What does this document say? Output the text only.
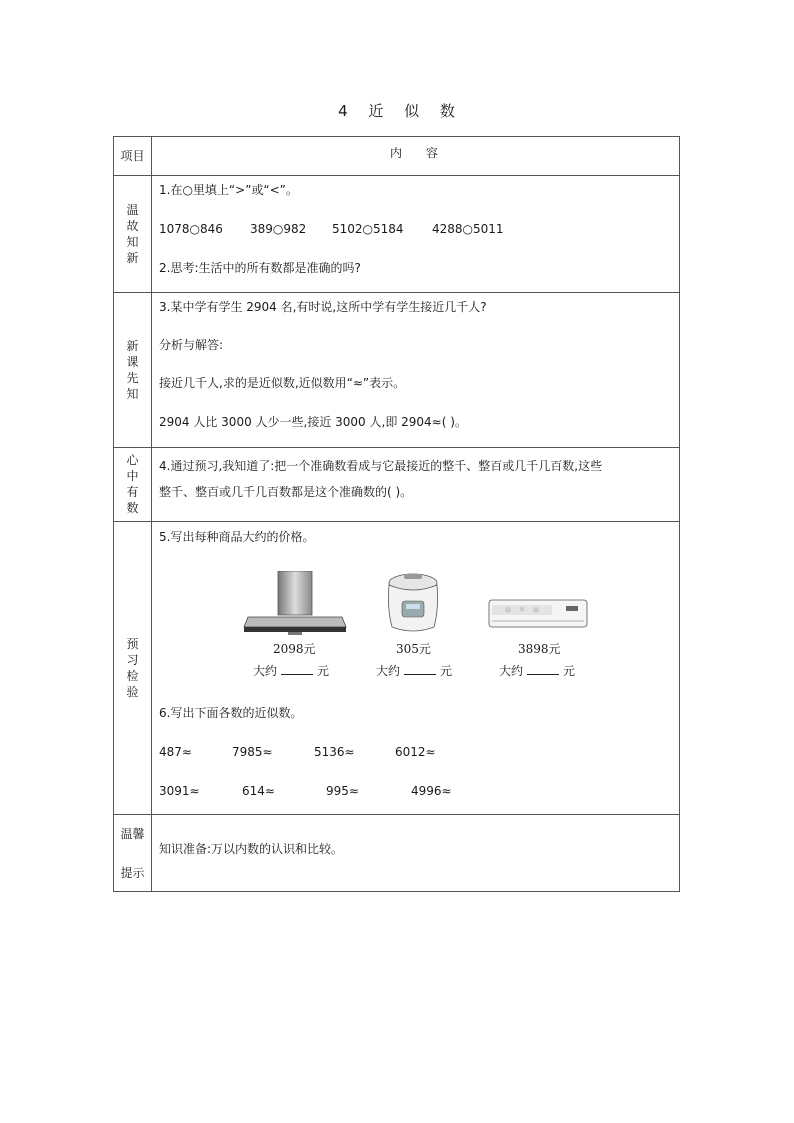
4 近 似 数
项目	内 容
温
故
知
新
1.在○里填上“>”或“<”。
1078○846 389○982 5102○5184 4288○5011
2.思考:生活中的所有数都是准确的吗?
新
课
先
知
3.某中学有学生 2904 名,有时说,这所中学有学生接近几千人?
分析与解答:
接近几千人,求的是近似数,近似数用“≈”表示。
2904 人比 3000 人少一些,接近 3000 人,即 2904≈( )。
心
中
有
数
4.通过预习,我知道了:把一个准确数看成与它最接近的整千、整百或几千几百数,这些
整千、整百或几千几百数都是这个准确数的( )。
预
习
检
验
5.写出每种商品大约的价格。
2098元	305元	3898元
大约	元	大约	元	大约	元
6.写出下面各数的近似数。
487≈	7985≈	5136≈	6012≈
3091≈	614≈	995≈	4996≈
温馨
提示
知识准备:万以内数的认识和比较。
